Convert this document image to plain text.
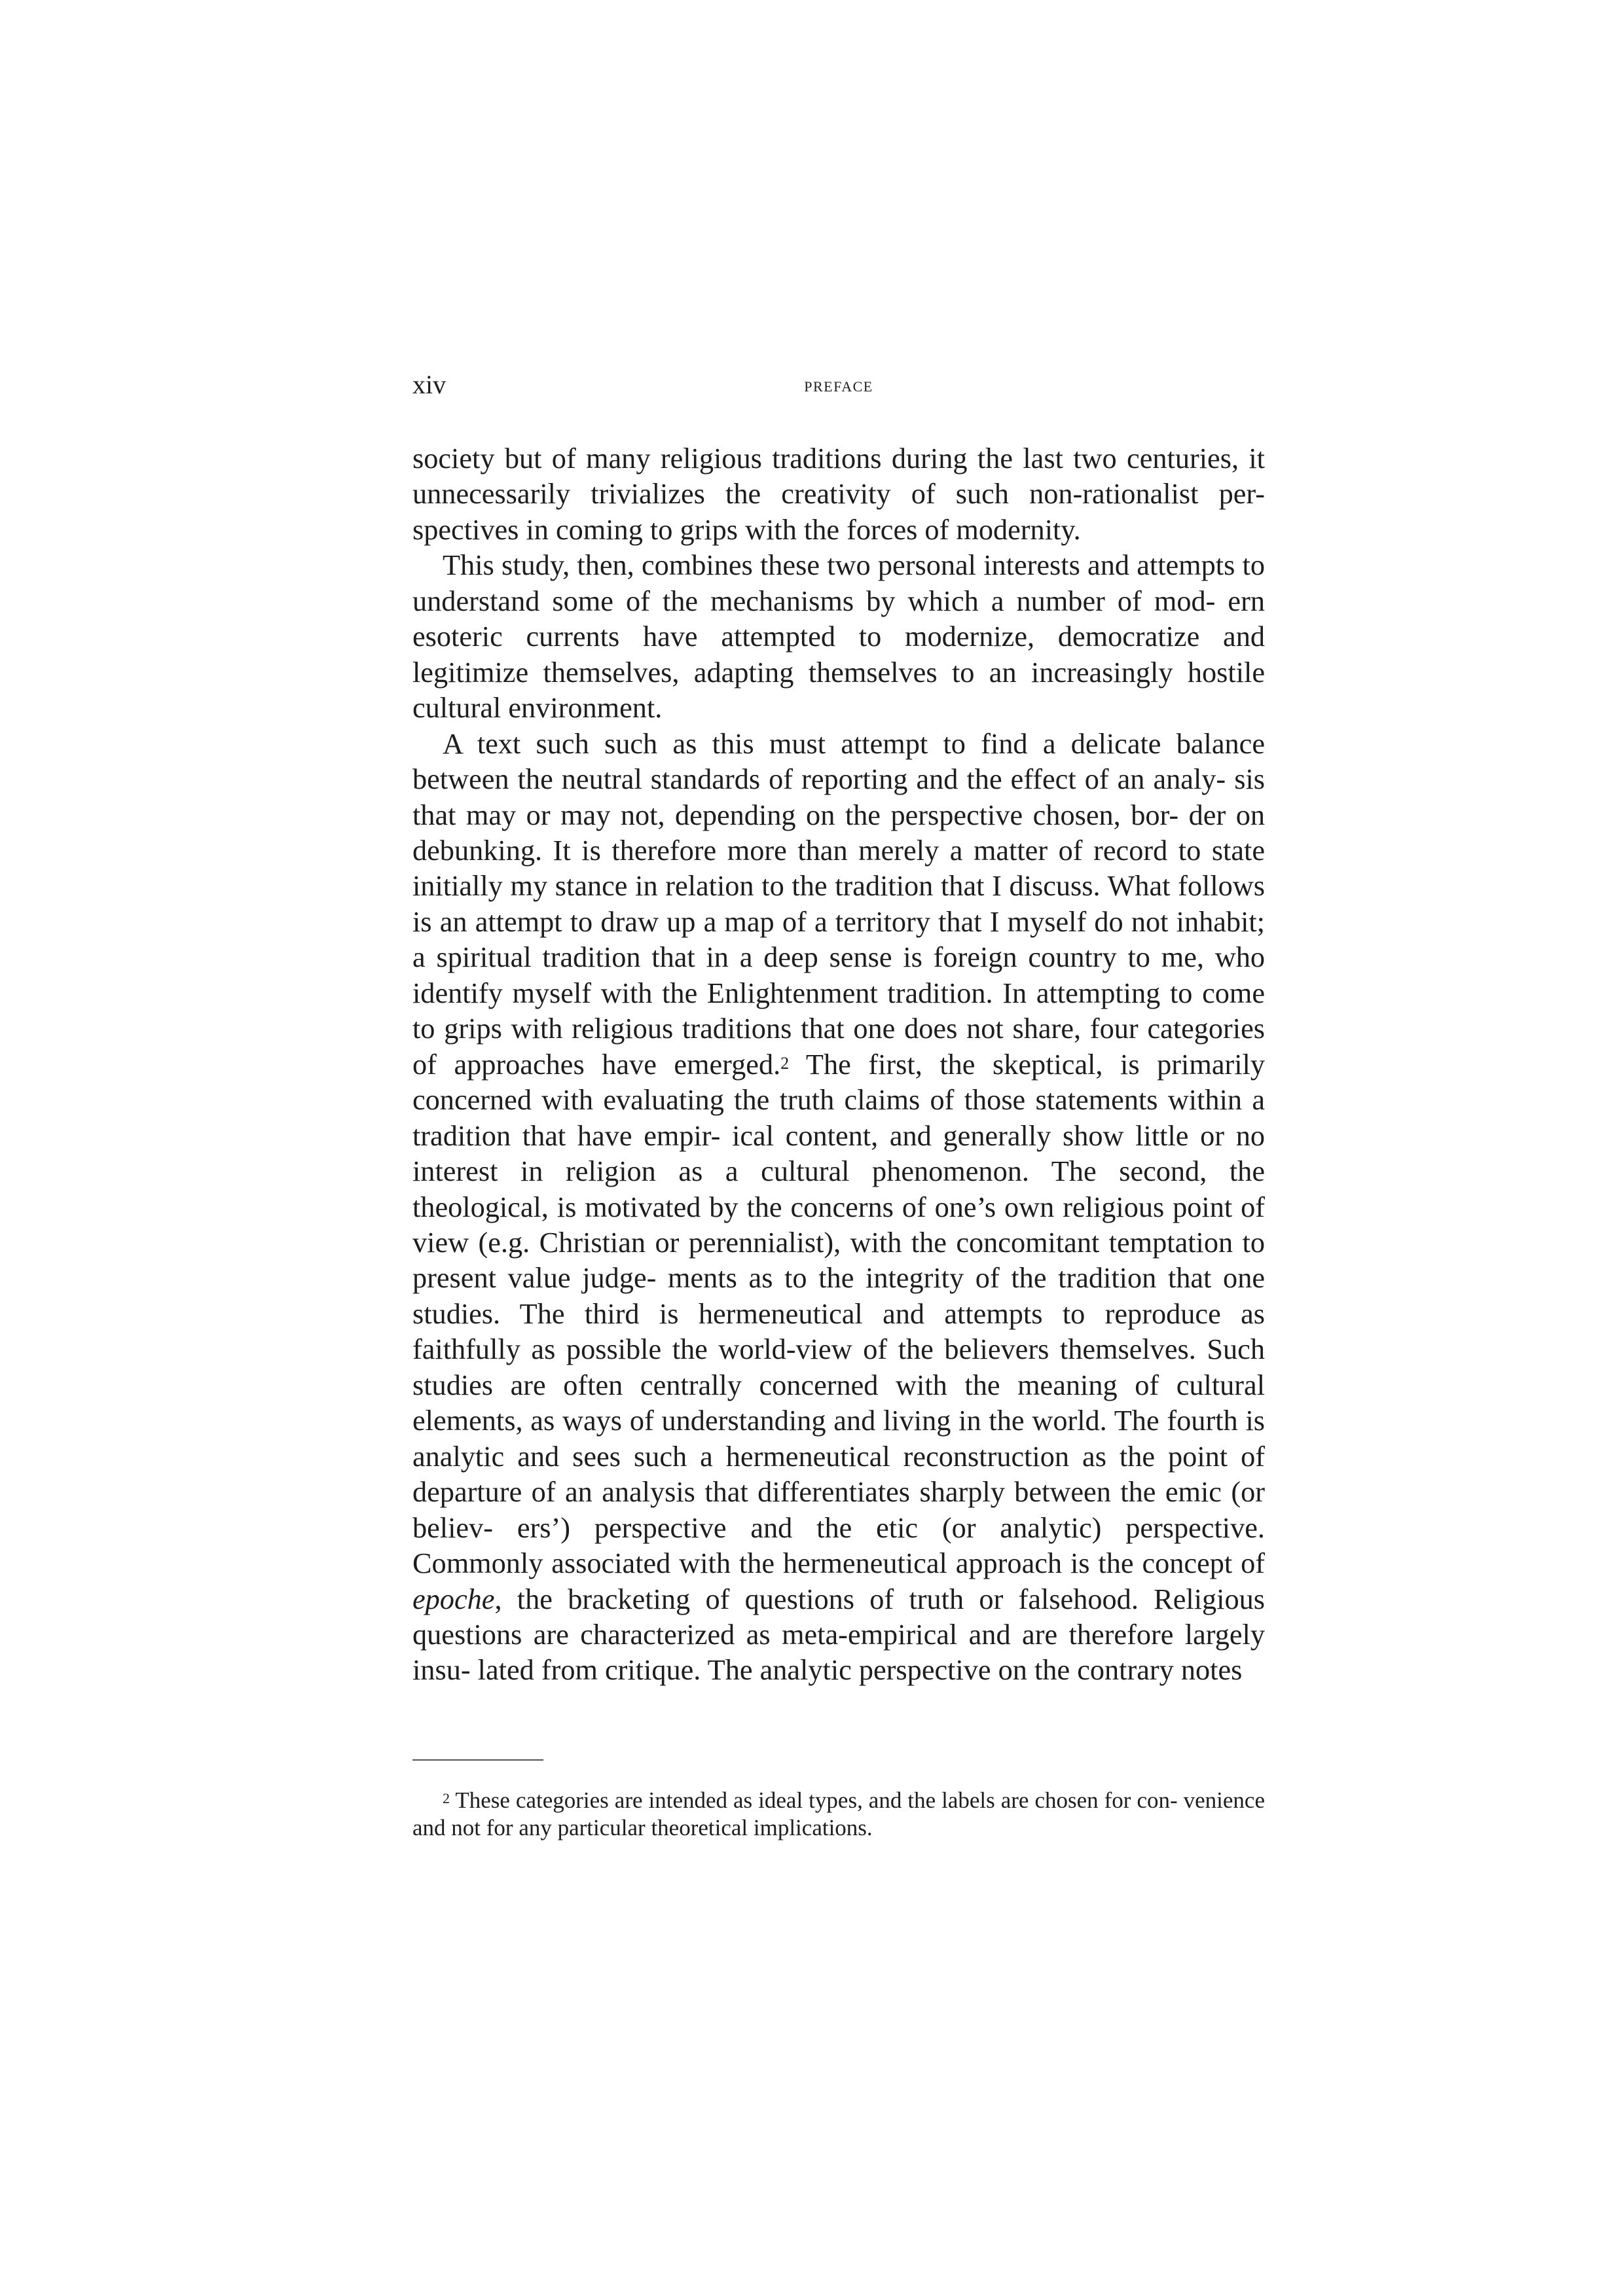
xiv	preface

society but of many religious traditions during the last two centuries, it unnecessarily trivializes the creativity of such non-rationalist per- spectives in coming to grips with the forces of modernity.

This study, then, combines these two personal interests and attempts to understand some of the mechanisms by which a number of mod- ern esoteric currents have attempted to modernize, democratize and legitimize themselves, adapting themselves to an increasingly hostile cultural environment.

A text such such as this must attempt to find a delicate balance between the neutral standards of reporting and the effect of an analy- sis that may or may not, depending on the perspective chosen, bor- der on debunking. It is therefore more than merely a matter of record to state initially my stance in relation to the tradition that I discuss. What follows is an attempt to draw up a map of a territory that I myself do not inhabit; a spiritual tradition that in a deep sense is foreign country to me, who identify myself with the Enlightenment tradition. In attempting to come to grips with religious traditions that one does not share, four categories of approaches have emerged.$^2$ The first, the skeptical, is primarily concerned with evaluating the truth claims of those statements within a tradition that have empir- ical content, and generally show little or no interest in religion as a cultural phenomenon. The second, the theological, is motivated by the concerns of one’s own religious point of view (e.g. Christian or perennialist), with the concomitant temptation to present value judge- ments as to the integrity of the tradition that one studies. The third is hermeneutical and attempts to reproduce as faithfully as possible the world-view of the believers themselves. Such studies are often centrally concerned with the meaning of cultural elements, as ways of understanding and living in the world. The fourth is analytic and sees such a hermeneutical reconstruction as the point of departure of an analysis that differentiates sharply between the emic (or believ- ers’) perspective and the etic (or analytic) perspective. Commonly associated with the hermeneutical approach is the concept of epoche, the bracketing of questions of truth or falsehood. Religious questions are characterized as meta-empirical and are therefore largely insu- lated from critique. The analytic perspective on the contrary notes

$^2$ These categories are intended as ideal types, and the labels are chosen for con- venience and not for any particular theoretical implications.
